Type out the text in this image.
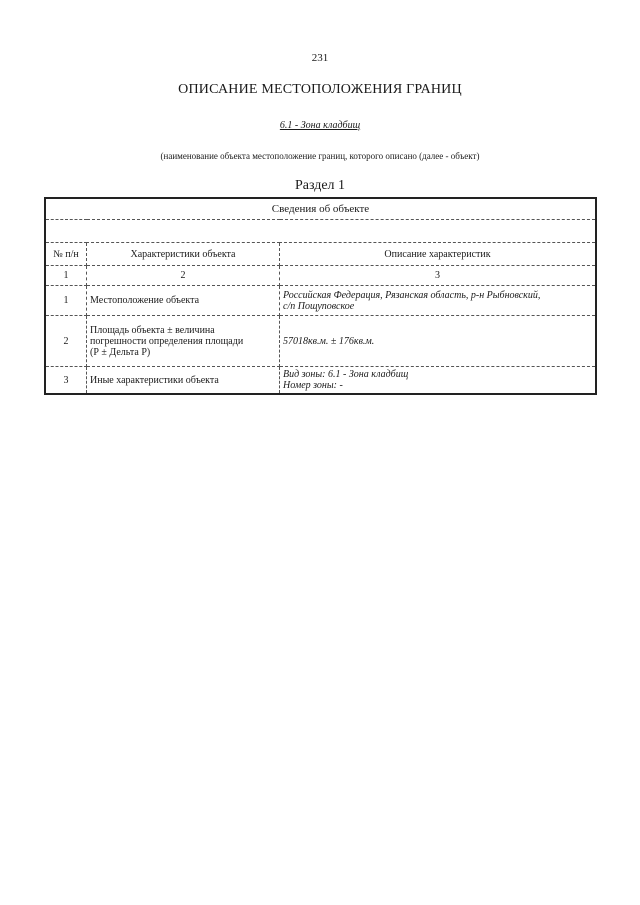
231
ОПИСАНИЕ МЕСТОПОЛОЖЕНИЯ ГРАНИЦ
6.1 - Зона кладбищ
(наименование объекта местоположение границ, которого описано (далее - объект)
Раздел 1
Сведения об объекте		

№ п/н	Характеристики объекта	Описание характеристик
1	2	3
1	Местоположение объекта	Российская Федерация, Рязанская область, р-н Рыбновский,
с/п Пощуповское

2	Площадь объекта ± величина
погрешности определения площади
(Р ± Дельта Р)	57018кв.м. ± 176кв.м.

3	Иные характеристики объекта	Вид зоны: 6.1 - Зона кладбищ
Номер зоны: -
